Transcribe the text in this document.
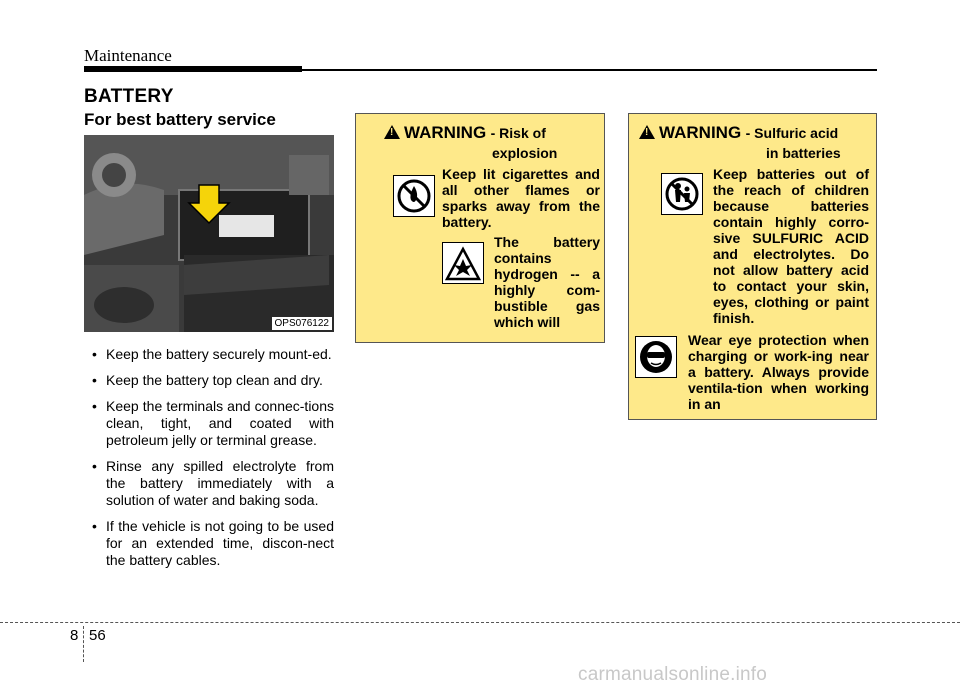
Maintenance
BATTERY
For best battery service
OPS076122
• Keep the battery securely mount-ed.
• Keep the battery top clean and dry.
• Keep the terminals and connec-tions clean, tight, and coated with petroleum jelly or terminal grease.
• Rinse any spilled electrolyte from the battery immediately with a solution of water and baking soda.
• If the vehicle is not going to be used for an extended time, discon-nect the battery cables.
!WARNING - Risk of
explosion
Keep lit cigarettes and all other flames or sparks away from the battery.
The battery contains hydrogen -- a highly com-bustible gas which will
!WARNING - Sulfuric acid
in batteries
Keep batteries out of the reach of children because batteries contain highly corro-sive SULFURIC ACID and electrolytes. Do not allow battery acid to contact your skin, eyes, clothing or paint finish.
Wear eye protection when charging or work-ing near a battery. Always provide ventila-tion when working in an
8 56
carmanualsonline.info
